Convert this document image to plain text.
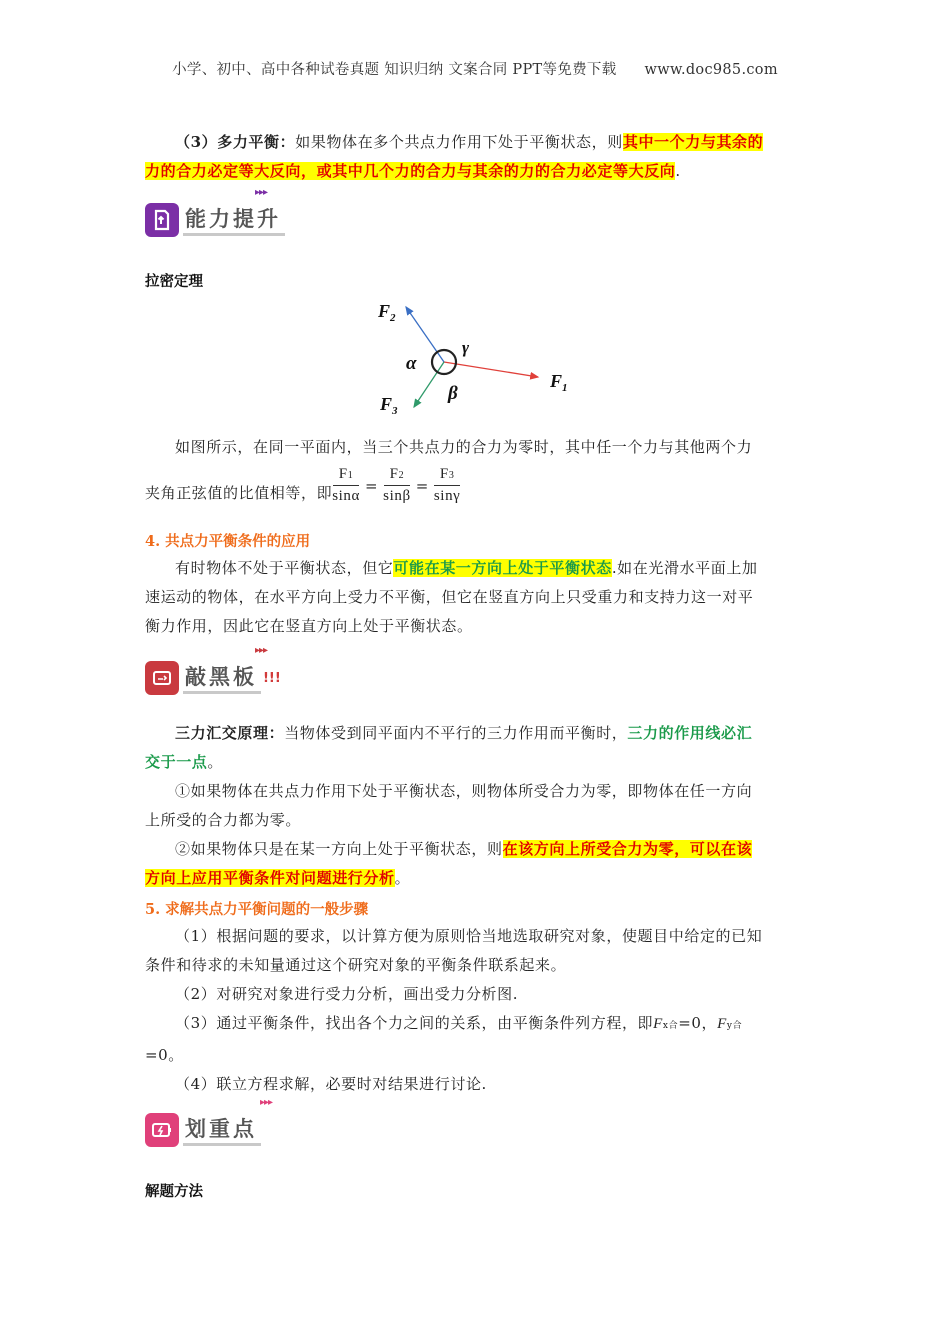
小学、初中、高中各种试卷真题 知识归纳 文案合同 PPT等免费下载 www.doc985.com
（3）多力平衡：如果物体在多个共点力作用下处于平衡状态，则其中一个力与其余的
力的合力必定等大反向，或其中几个力的合力与其余的力的合力必定等大反向.
能力提升
▸▸▸
拉密定理
$F_2$
$F_1$
$F_3$
α
γ
β
如图所示，在同一平面内，当三个共点力的合力为零时，其中任一个力与其他两个力
夹角正弦值的比值相等，即 $\frac{F1}{\sin\alpha} = \frac{F2}{\sin\beta} = \frac{F3}{\sin\gamma}$
4. 共点力平衡条件的应用
有时物体不处于平衡状态，但它可能在某一方向上处于平衡状态.如在光滑水平面上加
速运动的物体，在水平方向上受力不平衡，但它在竖直方向上只受重力和支持力这一对平
衡力作用，因此它在竖直方向上处于平衡状态。
敲黑板 !!!
▸▸▸
三力汇交原理：当物体受到同平面内不平行的三力作用而平衡时，三力的作用线必汇
交于一点。
①如果物体在共点力作用下处于平衡状态，则物体所受合力为零，即物体在任一方向
上所受的合力都为零。
②如果物体只是在某一方向上处于平衡状态，则在该方向上所受合力为零，可以在该
方向上应用平衡条件对问题进行分析。
5. 求解共点力平衡问题的一般步骤
（1）根据问题的要求，以计算方便为原则恰当地选取研究对象，使题目中给定的已知
条件和待求的未知量通过这个研究对象的平衡条件联系起来。
（2）对研究对象进行受力分析，画出受力分析图.
（3）通过平衡条件，找出各个力之间的关系，由平衡条件列方程，即Fx合=0，Fy合
=0。
（4）联立方程求解，必要时对结果进行讨论.
划重点
▸▸▸
解题方法
